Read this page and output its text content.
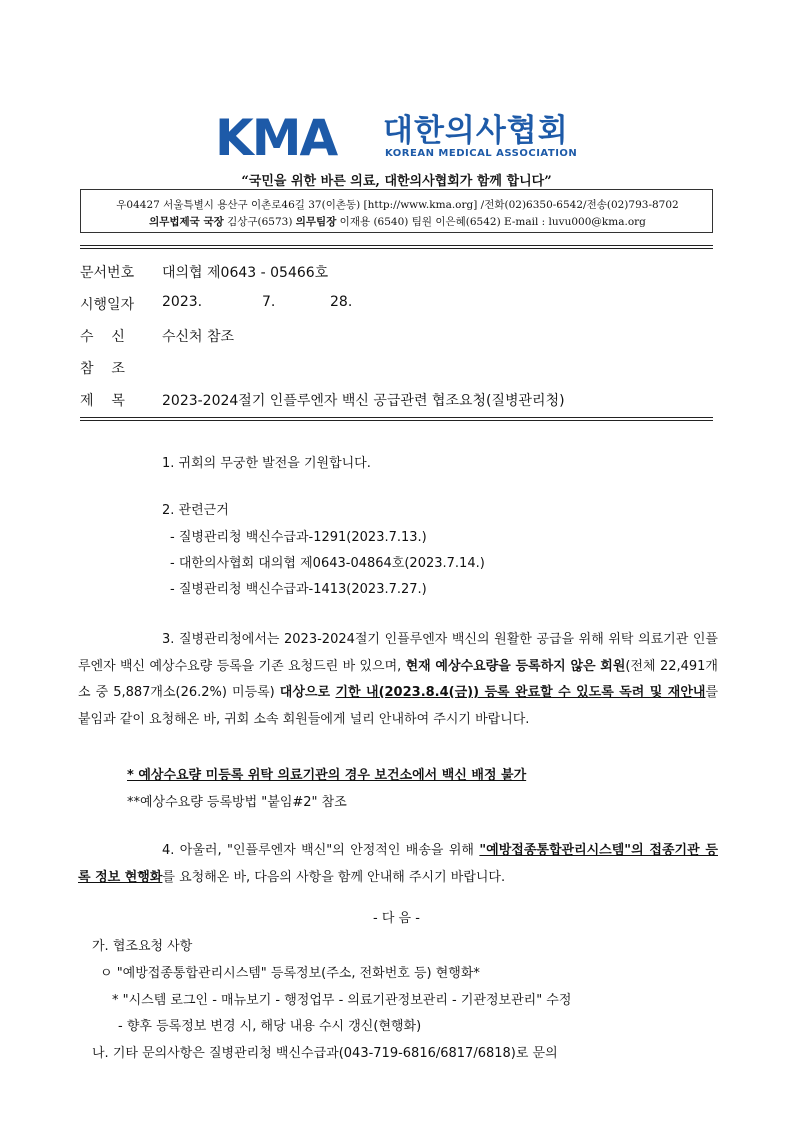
KMA 대한의사협회
KOREAN MEDICAL ASSOCIATION
“국민을 위한 바른 의료, 대한의사협회가 함께 합니다”
우04427 서울특별시 용산구 이촌로46길 37(이촌동) [http://www.kma.org] /전화(02)6350-6542/전송(02)793-8702
의무법제국 국장 김상구(6573) 의무팀장 이재용 (6540) 팀원 이은혜(6542) E-mail : luvu000@kma.org
문서번호 대의협 제0643 - 05466호
시행일자 2023.	7.	28.
수    신	수신처 참조
참    조
제    목	2023-2024절기 인플루엔자 백신 공급관련 협조요청(질병관리청)
1. 귀회의 무궁한 발전을 기원합니다.
2. 관련근거
- 질병관리청 백신수급과-1291(2023.7.13.)
- 대한의사협회 대의협 제0643-04864호(2023.7.14.)
- 질병관리청 백신수급과-1413(2023.7.27.)
3. 질병관리청에서는 2023-2024절기 인플루엔자 백신의 원활한 공급을 위해 위탁 의료기관 인플루엔자 백신 예상수요량 등록을 기존 요청드린 바 있으며, 현재 예상수요량을 등록하지 않은 회원(전체 22,491개소 중 5,887개소(26.2%) 미등록) 대상으로 기한 내(2023.8.4(금)) 등록 완료할 수 있도록 독려 및 재안내를 붙임과 같이 요청해온 바, 귀회 소속 회원들에게 널리 안내하여 주시기 바랍니다.
* 예상수요량 미등록 위탁 의료기관의 경우 보건소에서 백신 배정 불가
**예상수요량 등록방법 "붙임#2" 참조
4. 아울러, "인플루엔자 백신"의 안정적인 배송을 위해 "예방접종통합관리시스템"의 접종기관 등록 정보 현행화를 요청해온 바, 다음의 사항을 함께 안내해 주시기 바랍니다.
- 다 음 -
가. 협조요청 사항
ㅇ "예방접종통합관리시스템" 등록정보(주소, 전화번호 등) 현행화*
* "시스템 로그인 - 매뉴보기 - 행정업무 - 의료기관정보관리 - 기관정보관리" 수정
- 향후 등록정보 변경 시, 해당 내용 수시 갱신(현행화)
나. 기타 문의사항은 질병관리청 백신수급과(043-719-6816/6817/6818)로 문의
